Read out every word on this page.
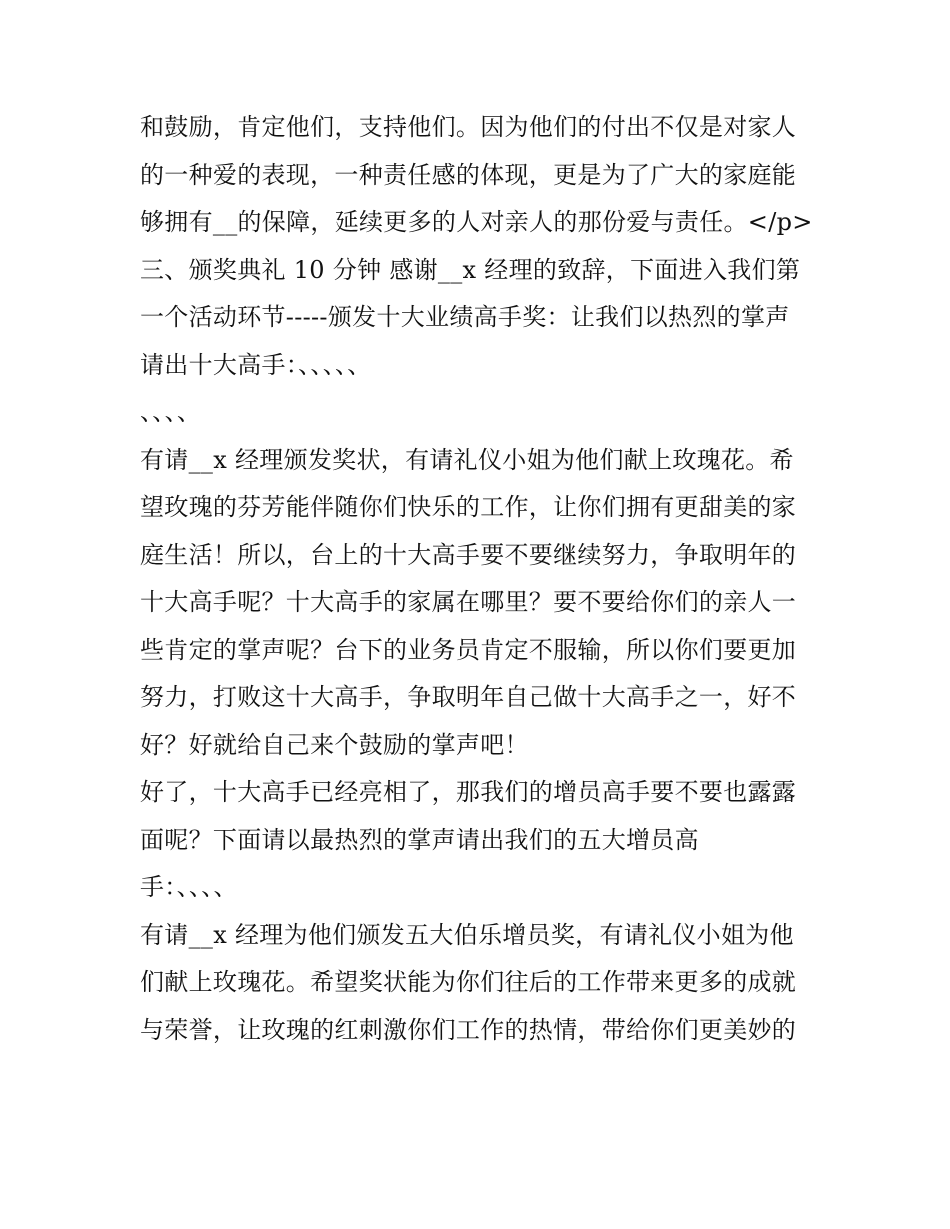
和鼓励，肯定他们，支持他们。因为他们的付出不仅是对家人
的一种爱的表现，一种责任感的体现，更是为了广大的家庭能
够拥有__的保障，延续更多的人对亲人的那份爱与责任。</p>
三、颁奖典礼 10 分钟 感谢__x 经理的致辞，下面进入我们第
一个活动环节-----颁发十大业绩高手奖：让我们以热烈的掌声
请出十大高手：、、、、、
、、、、
有请__x 经理颁发奖状，有请礼仪小姐为他们献上玫瑰花。希
望玫瑰的芬芳能伴随你们快乐的工作，让你们拥有更甜美的家
庭生活！所以，台上的十大高手要不要继续努力，争取明年的
十大高手呢？十大高手的家属在哪里？要不要给你们的亲人一
些肯定的掌声呢？台下的业务员肯定不服输，所以你们要更加
努力，打败这十大高手，争取明年自己做十大高手之一，好不
好？好就给自己来个鼓励的掌声吧！
好了，十大高手已经亮相了，那我们的增员高手要不要也露露
面呢？下面请以最热烈的掌声请出我们的五大增员高
手：、、、、
有请__x 经理为他们颁发五大伯乐增员奖，有请礼仪小姐为他
们献上玫瑰花。希望奖状能为你们往后的工作带来更多的成就
与荣誉，让玫瑰的红刺激你们工作的热情，带给你们更美妙的
